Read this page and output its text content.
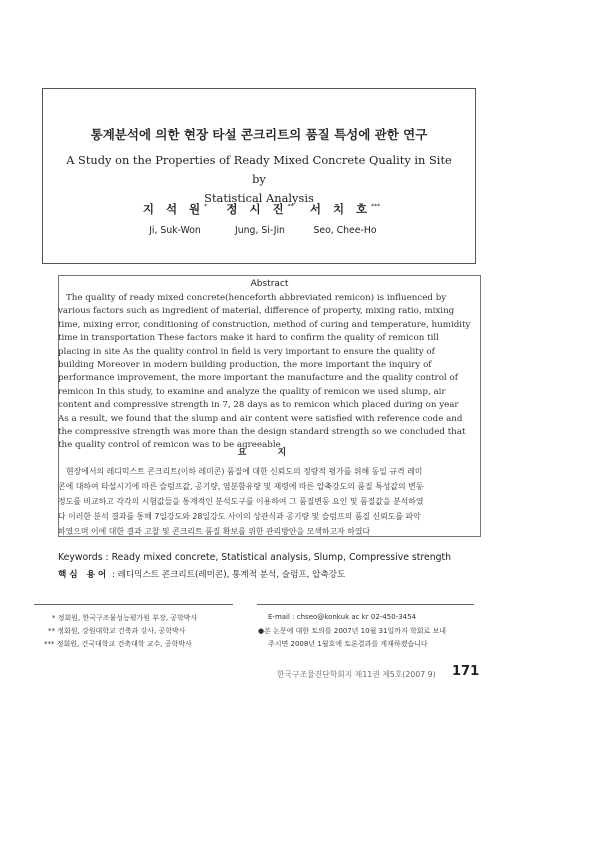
통계분석에 의한 현장 타설 콘크리트의 품질 특성에 관한 연구
A Study on the Properties of Ready Mixed Concrete Quality in Site by
Statistical Analysis
지 석 원*
Ji, Suk-Won
정 시 진**
Jung, Si-Jin
서 치 호***
Seo, Chee-Ho
Abstract
The quality of ready mixed concrete(henceforth abbreviated remicon) is influenced by
various factors such as ingredient of material, difference of property, mixing ratio, mixing
time, mixing error, conditioning of construction, method of curing and temperature, humidity
time in transportation These factors make it hard to confirm the quality of remicon till
placing in site As the quality control in field is very important to ensure the quality of
building Moreover in modern building production, the more important the inquiry of
performance improvement, the more important the manufacture and the quality control of
remicon In this study, to examine and analyze the quality of remicon we used slump, air
content and compressive strength in 7, 28 days as to remicon which placed during on year
As a result, we found that the slump and air content were satisfied with reference code and
the compressive strength was more than the design standard strength so we concluded that
the quality control of remicon was to be agreeable
요 지
현장에서의 레디믹스트 콘크리트(이하 레미콘) 품질에 대한 신뢰도의 정량적 평가를 위해 동일 규격 레미
콘에 대하여 타설시기에 따른 슬럼프값, 공기량, 염분함유량 및 재령에 따른 압축강도의 품질 특성값의 변동
정도를 비교하고 각각의 시험값들을 통계적인 분석도구를 이용하여 그 품질변동 요인 및 품질값을 분석하였
다 이러한 분석 결과를 통해 7일강도와 28일강도 사이의 상관식과 공기량 및 슬럼프의 품질 신뢰도를 파악
하였으며 이에 대한 결과 고찰 및 콘크리트 품질 확보를 위한 관리방안을 모색하고자 하였다
Keywords : Ready mixed concrete, Statistical analysis, Slump, Compressive strength
핵심 용어 : 레디믹스트 콘크리트(레미콘), 통계적 분석, 슬럼프, 압축강도
* 정회원, 한국구조물성능평가원 부장, 공학박사
** 정회원, 강원대학교 건축과 강사, 공학박사
*** 정회원, 건국대학교 건축대학 교수, 공학박사
E-mail : chseo@konkuk ac kr 02-450-3454
●본 논문에 대한 토의를 2007년 10월 31일까지 학회로 보내
주시면 2008년 1월호에 토론결과를 게재하겠습니다
한국구조물진단학회지 제11권 제5호(2007 9) 171
